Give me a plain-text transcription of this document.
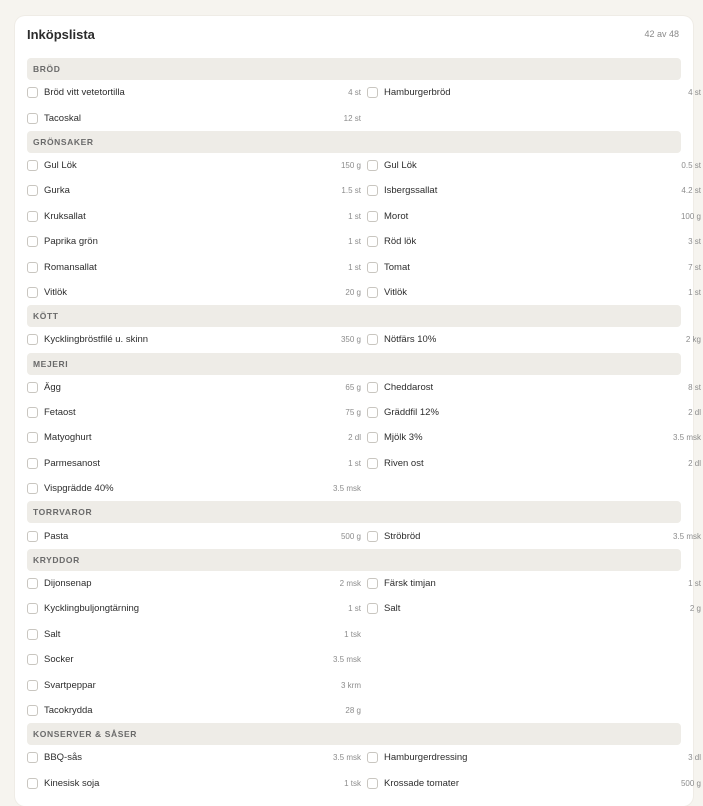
Inköpslista	42 av 48
BRÖD
Bröd vitt vetetortilla	4 st Hamburgerbröd	4 st
Tacoskal	12 st
GRÖNSAKER
Gul Lök	150 g Gul Lök	0.5 st
Gurka	1.5 st Isbergssallat	4.2 st
Kruksallat	1 st Morot	100 g
Paprika grön	1 st Röd lök	3 st
Romansallat	1 st Tomat	7 st
Vitlök	20 g Vitlök	1 st
KÖTT
Kycklingbröstfilé u. skinn	350 g Nötfärs 10%	2 kg
MEJERI
Ägg	65 g Cheddarost	8 st
Fetaost	75 g Gräddfil 12%	2 dl
Matyoghurt	2 dl Mjölk 3%	3.5 msk
Parmesanost	1 st Riven ost	2 dl
Vispgrädde 40%	3.5 msk
TORRVAROR
Pasta	500 g Ströbröd	3.5 msk
KRYDDOR
Dijonsenap	2 msk Färsk timjan	1 st
Kycklingbuljongtärning	1 st Salt	2 g
Salt	1 tsk
Socker	3.5 msk
Svartpeppar	3 krm
Tacokrydda	28 g
KONSERVER & SÅSER
BBQ-sås	3.5 msk Hamburgerdressing	3 dl
Kinesisk soja	1 tsk Krossade tomater	500 g
